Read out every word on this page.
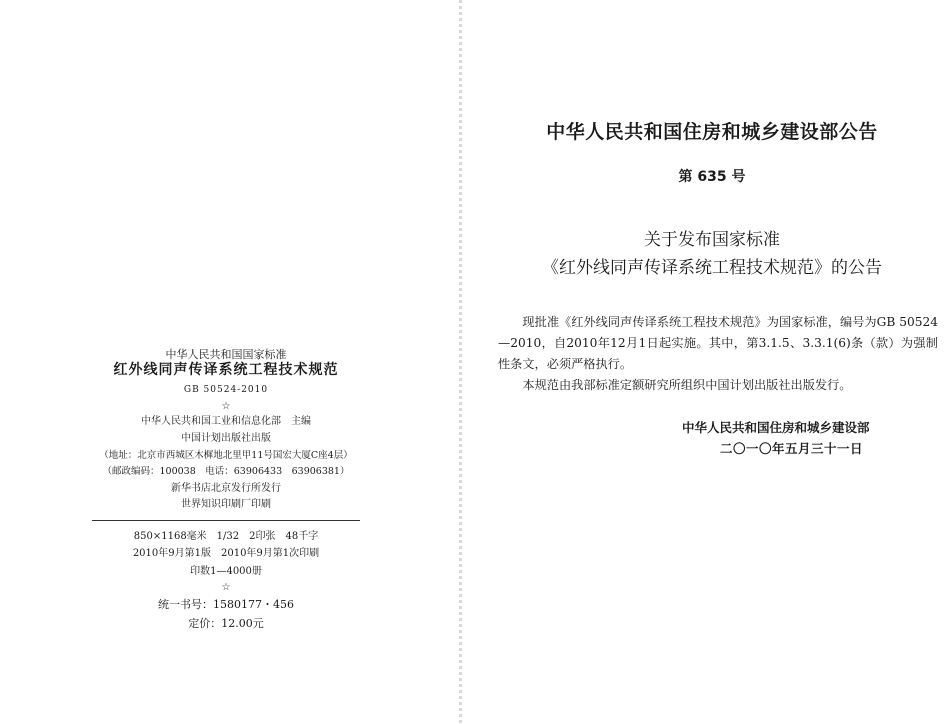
中华人民共和国国家标准
红外线同声传译系统工程技术规范
GB 50524-2010
☆
中华人民共和国工业和信息化部　主编
中国计划出版社出版
（地址：北京市西城区木樨地北里甲11号国宏大厦C座4层）
（邮政编码：100038　电话：63906433　63906381）
新华书店北京发行所发行
世界知识印刷厂印刷
850×1168毫米　1/32　2印张　48千字
2010年9月第1版　2010年9月第1次印刷
印数1—4000册
☆
统一书号：1580177・456
定价：12.00元
中华人民共和国住房和城乡建设部公告
第 635 号
关于发布国家标准
《红外线同声传译系统工程技术规范》的公告

现批准《红外线同声传译系统工程技术规范》为国家标准，编号为GB 50524—2010，自2010年12月1日起实施。其中，第3.1.5、3.3.1(6)条（款）为强制性条文，必须严格执行。

本规范由我部标准定额研究所组织中国计划出版社出版发行。

中华人民共和国住房和城乡建设部
二〇一〇年五月三十一日
